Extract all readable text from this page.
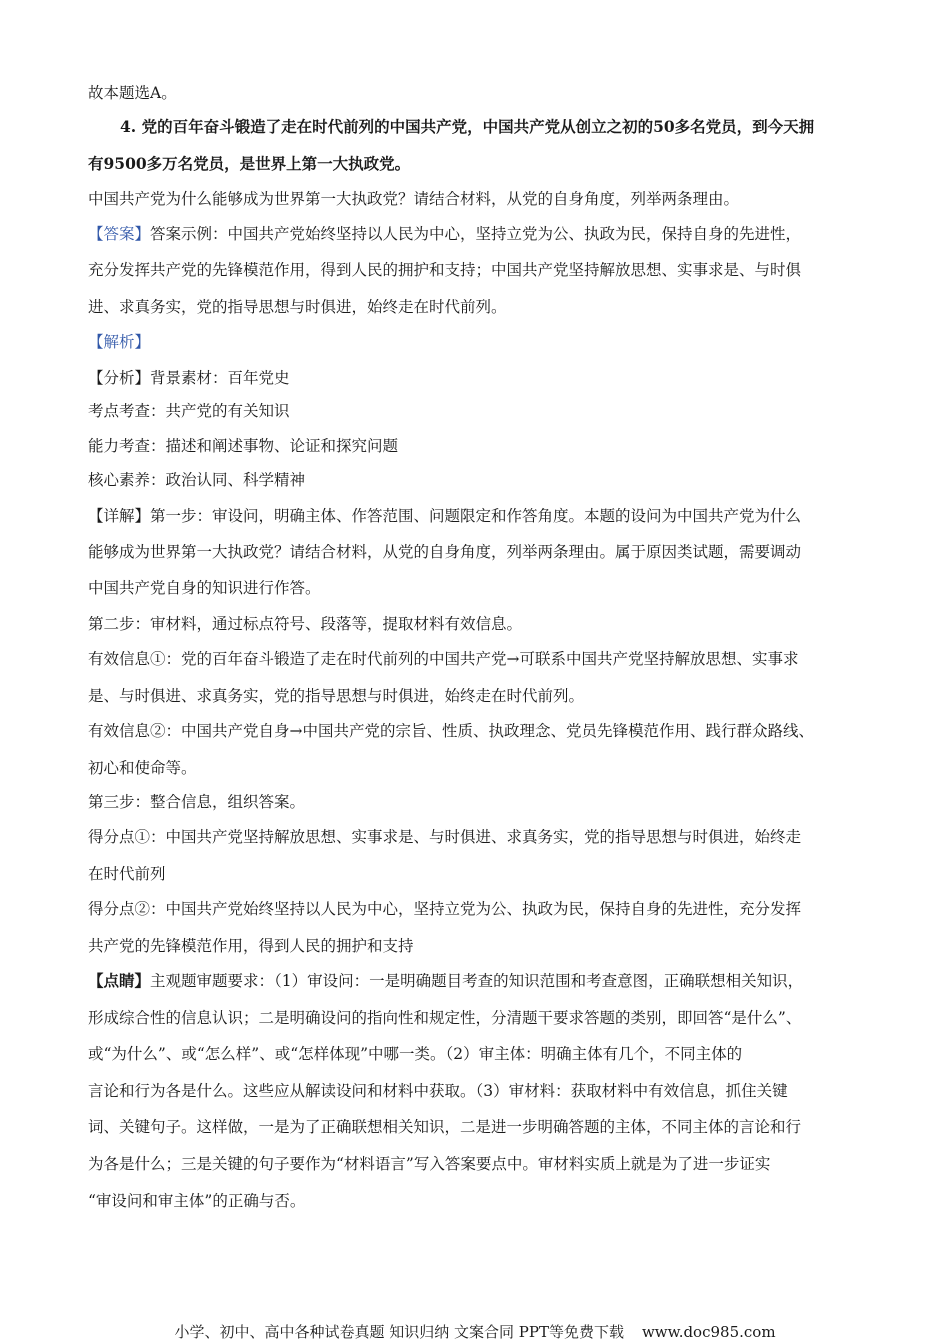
故本题选A。
4. 党的百年奋斗锻造了走在时代前列的中国共产党，中国共产党从创立之初的50多名党员，到今天拥
有9500多万名党员，是世界上第一大执政党。
中国共产党为什么能够成为世界第一大执政党？请结合材料，从党的自身角度，列举两条理由。
【答案】答案示例：中国共产党始终坚持以人民为中心，坚持立党为公、执政为民，保持自身的先进性，
充分发挥共产党的先锋模范作用，得到人民的拥护和支持；中国共产党坚持解放思想、实事求是、与时俱
进、求真务实，党的指导思想与时俱进，始终走在时代前列。
【解析】
【分析】背景素材：百年党史
考点考查：共产党的有关知识
能力考查：描述和阐述事物、论证和探究问题
核心素养：政治认同、科学精神
【详解】第一步：审设问，明确主体、作答范围、问题限定和作答角度。本题的设问为中国共产党为什么
能够成为世界第一大执政党？请结合材料，从党的自身角度，列举两条理由。属于原因类试题，需要调动
中国共产党自身的知识进行作答。
第二步：审材料，通过标点符号、段落等，提取材料有效信息。
有效信息①：党的百年奋斗锻造了走在时代前列的中国共产党→可联系中国共产党坚持解放思想、实事求
是、与时俱进、求真务实，党的指导思想与时俱进，始终走在时代前列。
有效信息②：中国共产党自身→中国共产党的宗旨、性质、执政理念、党员先锋模范作用、践行群众路线、
初心和使命等。
第三步：整合信息，组织答案。
得分点①：中国共产党坚持解放思想、实事求是、与时俱进、求真务实，党的指导思想与时俱进，始终走
在时代前列
得分点②：中国共产党始终坚持以人民为中心，坚持立党为公、执政为民，保持自身的先进性，充分发挥
共产党的先锋模范作用，得到人民的拥护和支持
【点睛】主观题审题要求：（1）审设问：一是明确题目考查的知识范围和考查意图，正确联想相关知识，
形成综合性的信息认识；二是明确设问的指向性和规定性，分清题干要求答题的类别，即回答“是什么”、
或“为什么”、或“怎么样”、或“怎样体现”中哪一类。（2）审主体：明确主体有几个，不同主体的
言论和行为各是什么。这些应从解读设问和材料中获取。（3）审材料：获取材料中有效信息，抓住关键
词、关键句子。这样做，一是为了正确联想相关知识，二是进一步明确答题的主体，不同主体的言论和行
为各是什么；三是关键的句子要作为“材料语言”写入答案要点中。审材料实质上就是为了进一步证实
“审设问和审主体”的正确与否。
小学、初中、高中各种试卷真题 知识归纳 文案合同 PPT等免费下载 www.doc985.com
